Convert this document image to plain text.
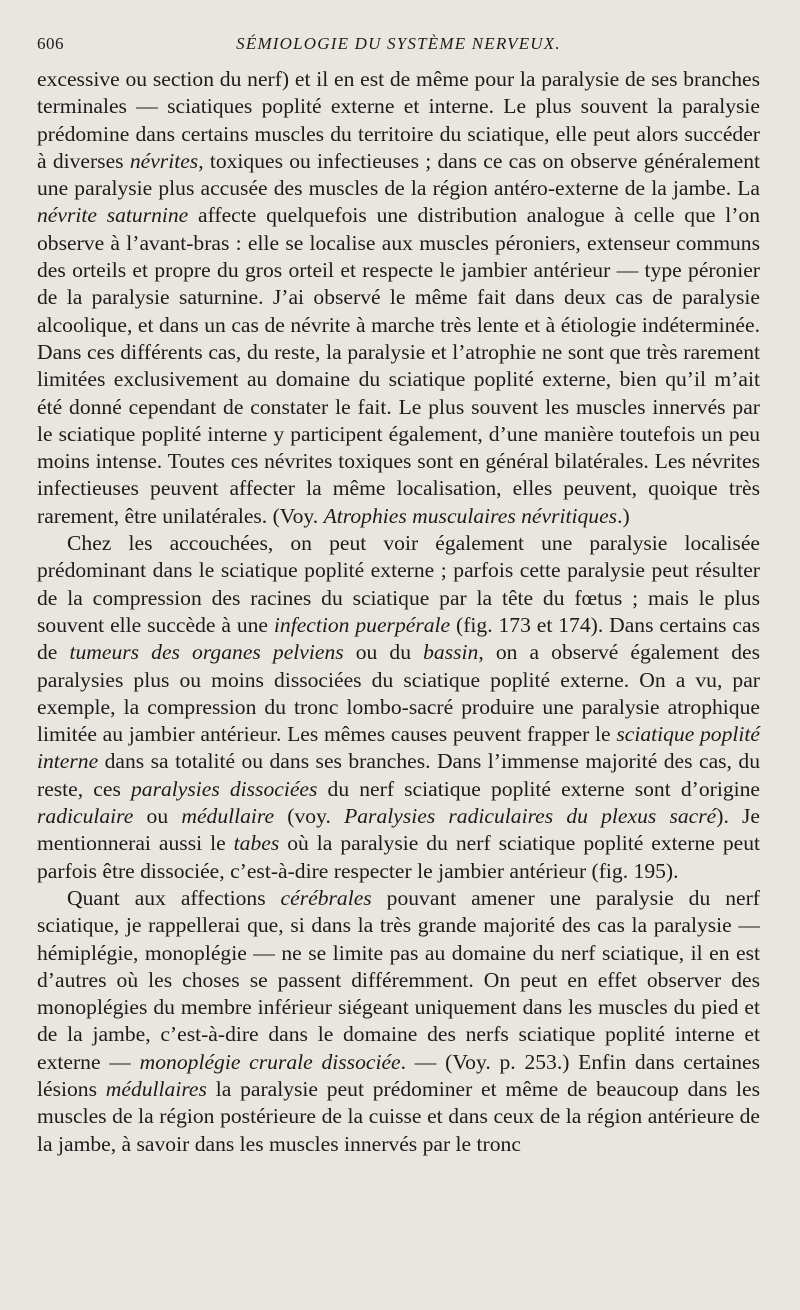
606	SÉMIOLOGIE DU SYSTÈME NERVEUX.

excessive ou section du nerf) et il en est de même pour la paralysie de ses branches terminales — sciatiques poplité externe et interne. Le plus souvent la paralysie prédomine dans certains muscles du territoire du sciatique, elle peut alors succéder à diverses névrites, toxiques ou infectieuses ; dans ce cas on observe généralement une paralysie plus accusée des muscles de la région antéro-externe de la jambe. La névrite saturnine affecte quelquefois une distribution analogue à celle que l’on observe à l’avant-bras : elle se localise aux muscles péroniers, extenseur communs des orteils et propre du gros orteil et respecte le jambier antérieur — type péronier de la paralysie saturnine. J’ai observé le même fait dans deux cas de paralysie alcoolique, et dans un cas de névrite à marche très lente et à étiologie indéterminée. Dans ces différents cas, du reste, la paralysie et l’atrophie ne sont que très rarement limitées exclusivement au domaine du sciatique poplité externe, bien qu’il m’ait été donné cependant de constater le fait. Le plus souvent les muscles innervés par le sciatique poplité interne y participent également, d’une manière toutefois un peu moins intense. Toutes ces névrites toxiques sont en général bilatérales. Les névrites infectieuses peuvent affecter la même localisation, elles peuvent, quoique très rarement, être unilatérales. (Voy. Atrophies musculaires névritiques.)

Chez les accouchées, on peut voir également une paralysie localisée prédominant dans le sciatique poplité externe ; parfois cette paralysie peut résulter de la compression des racines du sciatique par la tête du fœtus ; mais le plus souvent elle succède à une infection puerpérale (fig. 173 et 174). Dans certains cas de tumeurs des organes pelviens ou du bassin, on a observé également des paralysies plus ou moins dissociées du sciatique poplité externe. On a vu, par exemple, la compression du tronc lombo-sacré produire une paralysie atrophique limitée au jambier antérieur. Les mêmes causes peuvent frapper le sciatique poplité interne dans sa totalité ou dans ses branches. Dans l’immense majorité des cas, du reste, ces paralysies dissociées du nerf sciatique poplité externe sont d’origine radiculaire ou médullaire (voy. Paralysies radiculaires du plexus sacré). Je mentionnerai aussi le tabes où la paralysie du nerf sciatique poplité externe peut parfois être dissociée, c’est-à-dire respecter le jambier antérieur (fig. 195).

Quant aux affections cérébrales pouvant amener une paralysie du nerf sciatique, je rappellerai que, si dans la très grande majorité des cas la paralysie — hémiplégie, monoplégie — ne se limite pas au domaine du nerf sciatique, il en est d’autres où les choses se passent différemment. On peut en effet observer des monoplégies du membre inférieur siégeant uniquement dans les muscles du pied et de la jambe, c’est-à-dire dans le domaine des nerfs sciatique poplité interne et externe — monoplégie crurale dissociée. — (Voy. p. 253.) Enfin dans certaines lésions médullaires la paralysie peut prédominer et même de beaucoup dans les muscles de la région postérieure de la cuisse et dans ceux de la région antérieure de la jambe, à savoir dans les muscles innervés par le tronc
